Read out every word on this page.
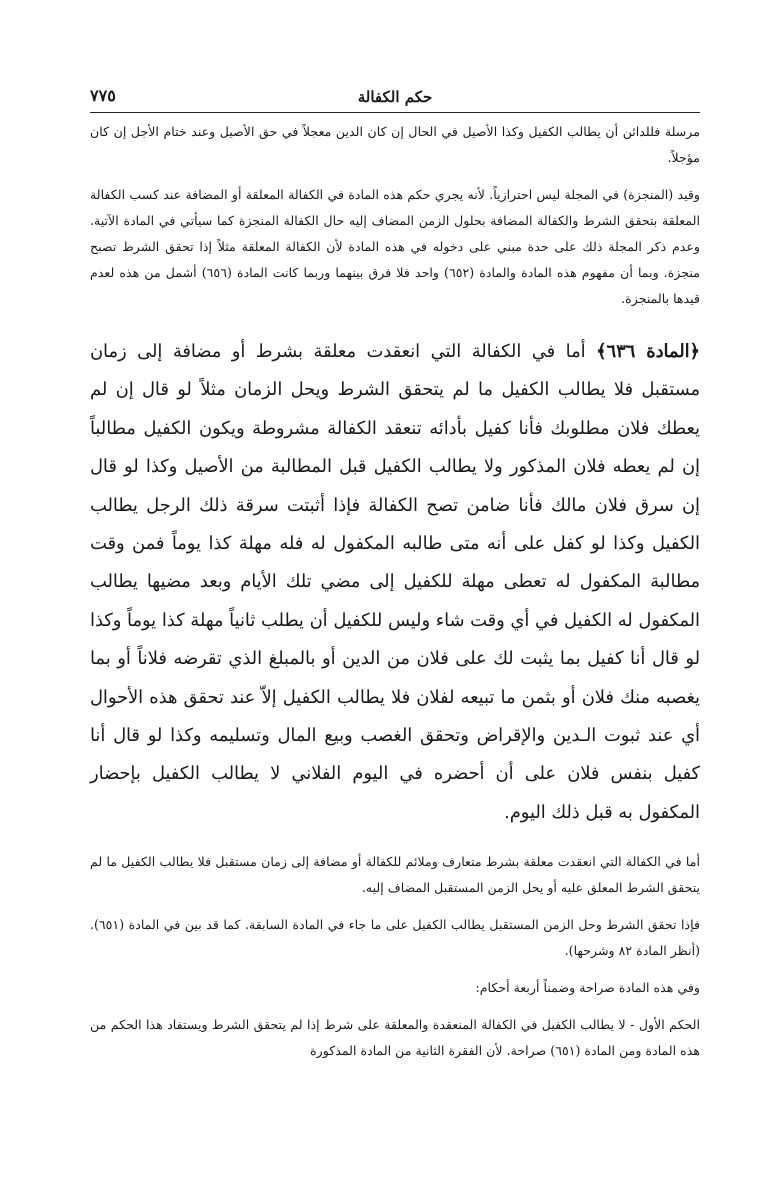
حكم الكفالة
٧٧٥

مرسلة فللدائن أن يطالب الكفيل وكذا الأصيل في الحال إن كان الدين معجلاً في حق الأصيل وعند ختام الأجل إن كان مؤجلاً.

وقيد (المنجزة) في المجلة ليس احترازياً. لأنه يجري حكم هذه المادة في الكفالة المعلقة أو المضافة عند كسب الكفالة المعلقة بتحقق الشرط والكفالة المضافة بحلول الزمن المضاف إليه حال الكفالة المنجزة كما سيأتي في المادة الآتية. وعدم ذكر المجلة ذلك على حدة مبني على دخوله في هذه المادة لأن الكفالة المعلقة مثلاً إذا تحقق الشرط تصبح منجزة. وبما أن مفهوم هذه المادة والمادة (٦٥٢) واحد فلا فرق بينهما وربما كانت المادة (٦٥٦) أشمل من هذه لعدم قيدها بالمنجزة.

﴿المادة ٦٣٦﴾ أما في الكفالة التي انعقدت معلقة بشرط أو مضافة إلى زمان مستقبل فلا يطالب الكفيل ما لم يتحقق الشرط ويحل الزمان مثلاً لو قال إن لم يعطك فلان مطلوبك فأنا كفيل بأدائه تنعقد الكفالة مشروطة ويكون الكفيل مطالباً إن لم يعطه فلان المذكور ولا يطالب الكفيل قبل المطالبة من الأصيل وكذا لو قال إن سرق فلان مالك فأنا ضامن تصح الكفالة فإذا أثبتت سرقة ذلك الرجل يطالب الكفيل وكذا لو كفل على أنه متى طالبه المكفول له فله مهلة كذا يوماً فمن وقت مطالبة المكفول له تعطى مهلة للكفيل إلى مضي تلك الأيام وبعد مضيها يطالب المكفول له الكفيل في أي وقت شاء وليس للكفيل أن يطلب ثانياً مهلة كذا يوماً وكذا لو قال أنا كفيل بما يثبت لك على فلان من الدين أو بالمبلغ الذي تقرضه فلاناً أو بما يغصبه منك فلان أو بثمن ما تبيعه لفلان فلا يطالب الكفيل إلاّ عند تحقق هذه الأحوال أي عند ثبوت الـدين والإقراض وتحقق الغصب وبيع المال وتسليمه وكذا لو قال أنا كفيل بنفس فلان على أن أحضره في اليوم الفلاني لا يطالب الكفيل بإحضار المكفول به قبل ذلك اليوم.

أما في الكفالة التي انعقدت معلقة بشرط متعارف وملائم للكفالة أو مضافة إلى زمان مستقبل فلا يطالب الكفيل ما لم يتحقق الشرط المعلق عليه أو يحل الزمن المستقبل المضاف إليه.

فإذا تحقق الشرط وحل الزمن المستقبل يطالب الكفيل على ما جاء في المادة السابقة. كما قد بين في المادة (٦٥١). (أنظر المادة ٨٢ وشرحها).

وفي هذه المادة صراحة وضمناً أربعة أحكام:

الحكم الأول - لا يطالب الكفيل في الكفالة المنعقدة والمعلقة على شرط إذا لم يتحقق الشرط ويستفاد هذا الحكم من هذه المادة ومن المادة (٦٥١) صراحة. لأن الفقرة الثانية من المادة المذكورة
